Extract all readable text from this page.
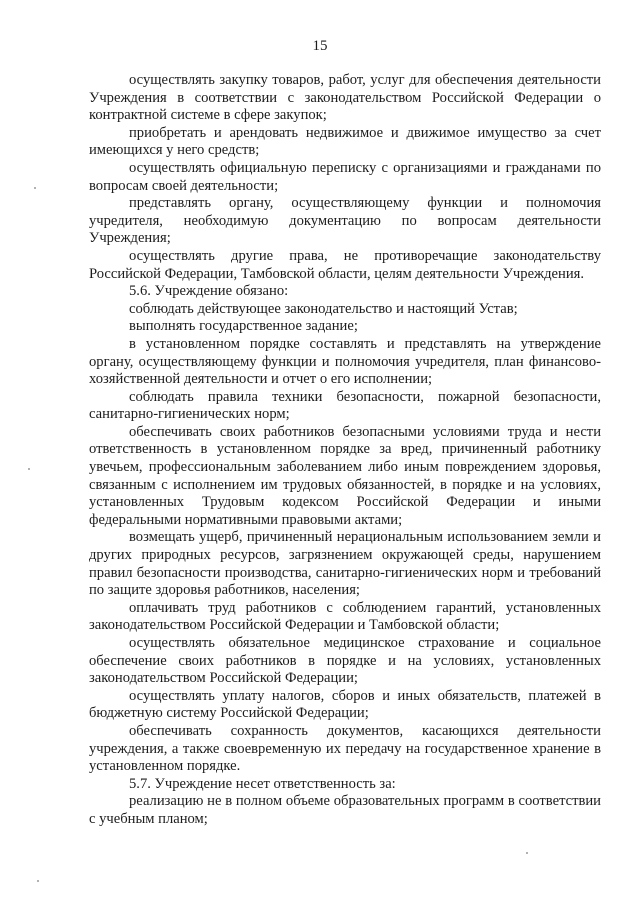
15

осуществлять закупку товаров, работ, услуг для обеспечения деятельности Учреждения в соответствии с законодательством Российской Федерации о контрактной системе в сфере закупок;

приобретать и арендовать недвижимое и движимое имущество за счет имеющихся у него средств;

осуществлять официальную переписку с организациями и гражданами по вопросам своей деятельности;

представлять органу, осуществляющему функции и полномочия учредителя, необходимую документацию по вопросам деятельности Учреждения;

осуществлять другие права, не противоречащие законодательству Российской Федерации, Тамбовской области, целям деятельности Учреждения.

5.6. Учреждение обязано:

соблюдать действующее законодательство и настоящий Устав;

выполнять государственное задание;

в установленном порядке составлять и представлять на утверждение органу, осуществляющему функции и полномочия учредителя, план финансово-хозяйственной деятельности и отчет о его исполнении;

соблюдать правила техники безопасности, пожарной безопасности, санитарно-гигиенических норм;

обеспечивать своих работников безопасными условиями труда и нести ответственность в установленном порядке за вред, причиненный работнику увечьем, профессиональным заболеванием либо иным повреждением здоровья, связанным с исполнением им трудовых обязанностей, в порядке и на условиях, установленных Трудовым кодексом Российской Федерации и иными федеральными нормативными правовыми актами;

возмещать ущерб, причиненный нерациональным использованием земли и других природных ресурсов, загрязнением окружающей среды, нарушением правил безопасности производства, санитарно-гигиенических норм и требований по защите здоровья работников, населения;

оплачивать труд работников с соблюдением гарантий, установленных законодательством Российской Федерации и Тамбовской области;

осуществлять обязательное медицинское страхование и социальное обеспечение своих работников в порядке и на условиях, установленных законодательством Российской Федерации;

осуществлять уплату налогов, сборов и иных обязательств, платежей в бюджетную систему Российской Федерации;

обеспечивать сохранность документов, касающихся деятельности учреждения, а также своевременную их передачу на государственное хранение в установленном порядке.

5.7. Учреждение несет ответственность за:

реализацию не в полном объеме образовательных программ в соответствии с учебным планом;
